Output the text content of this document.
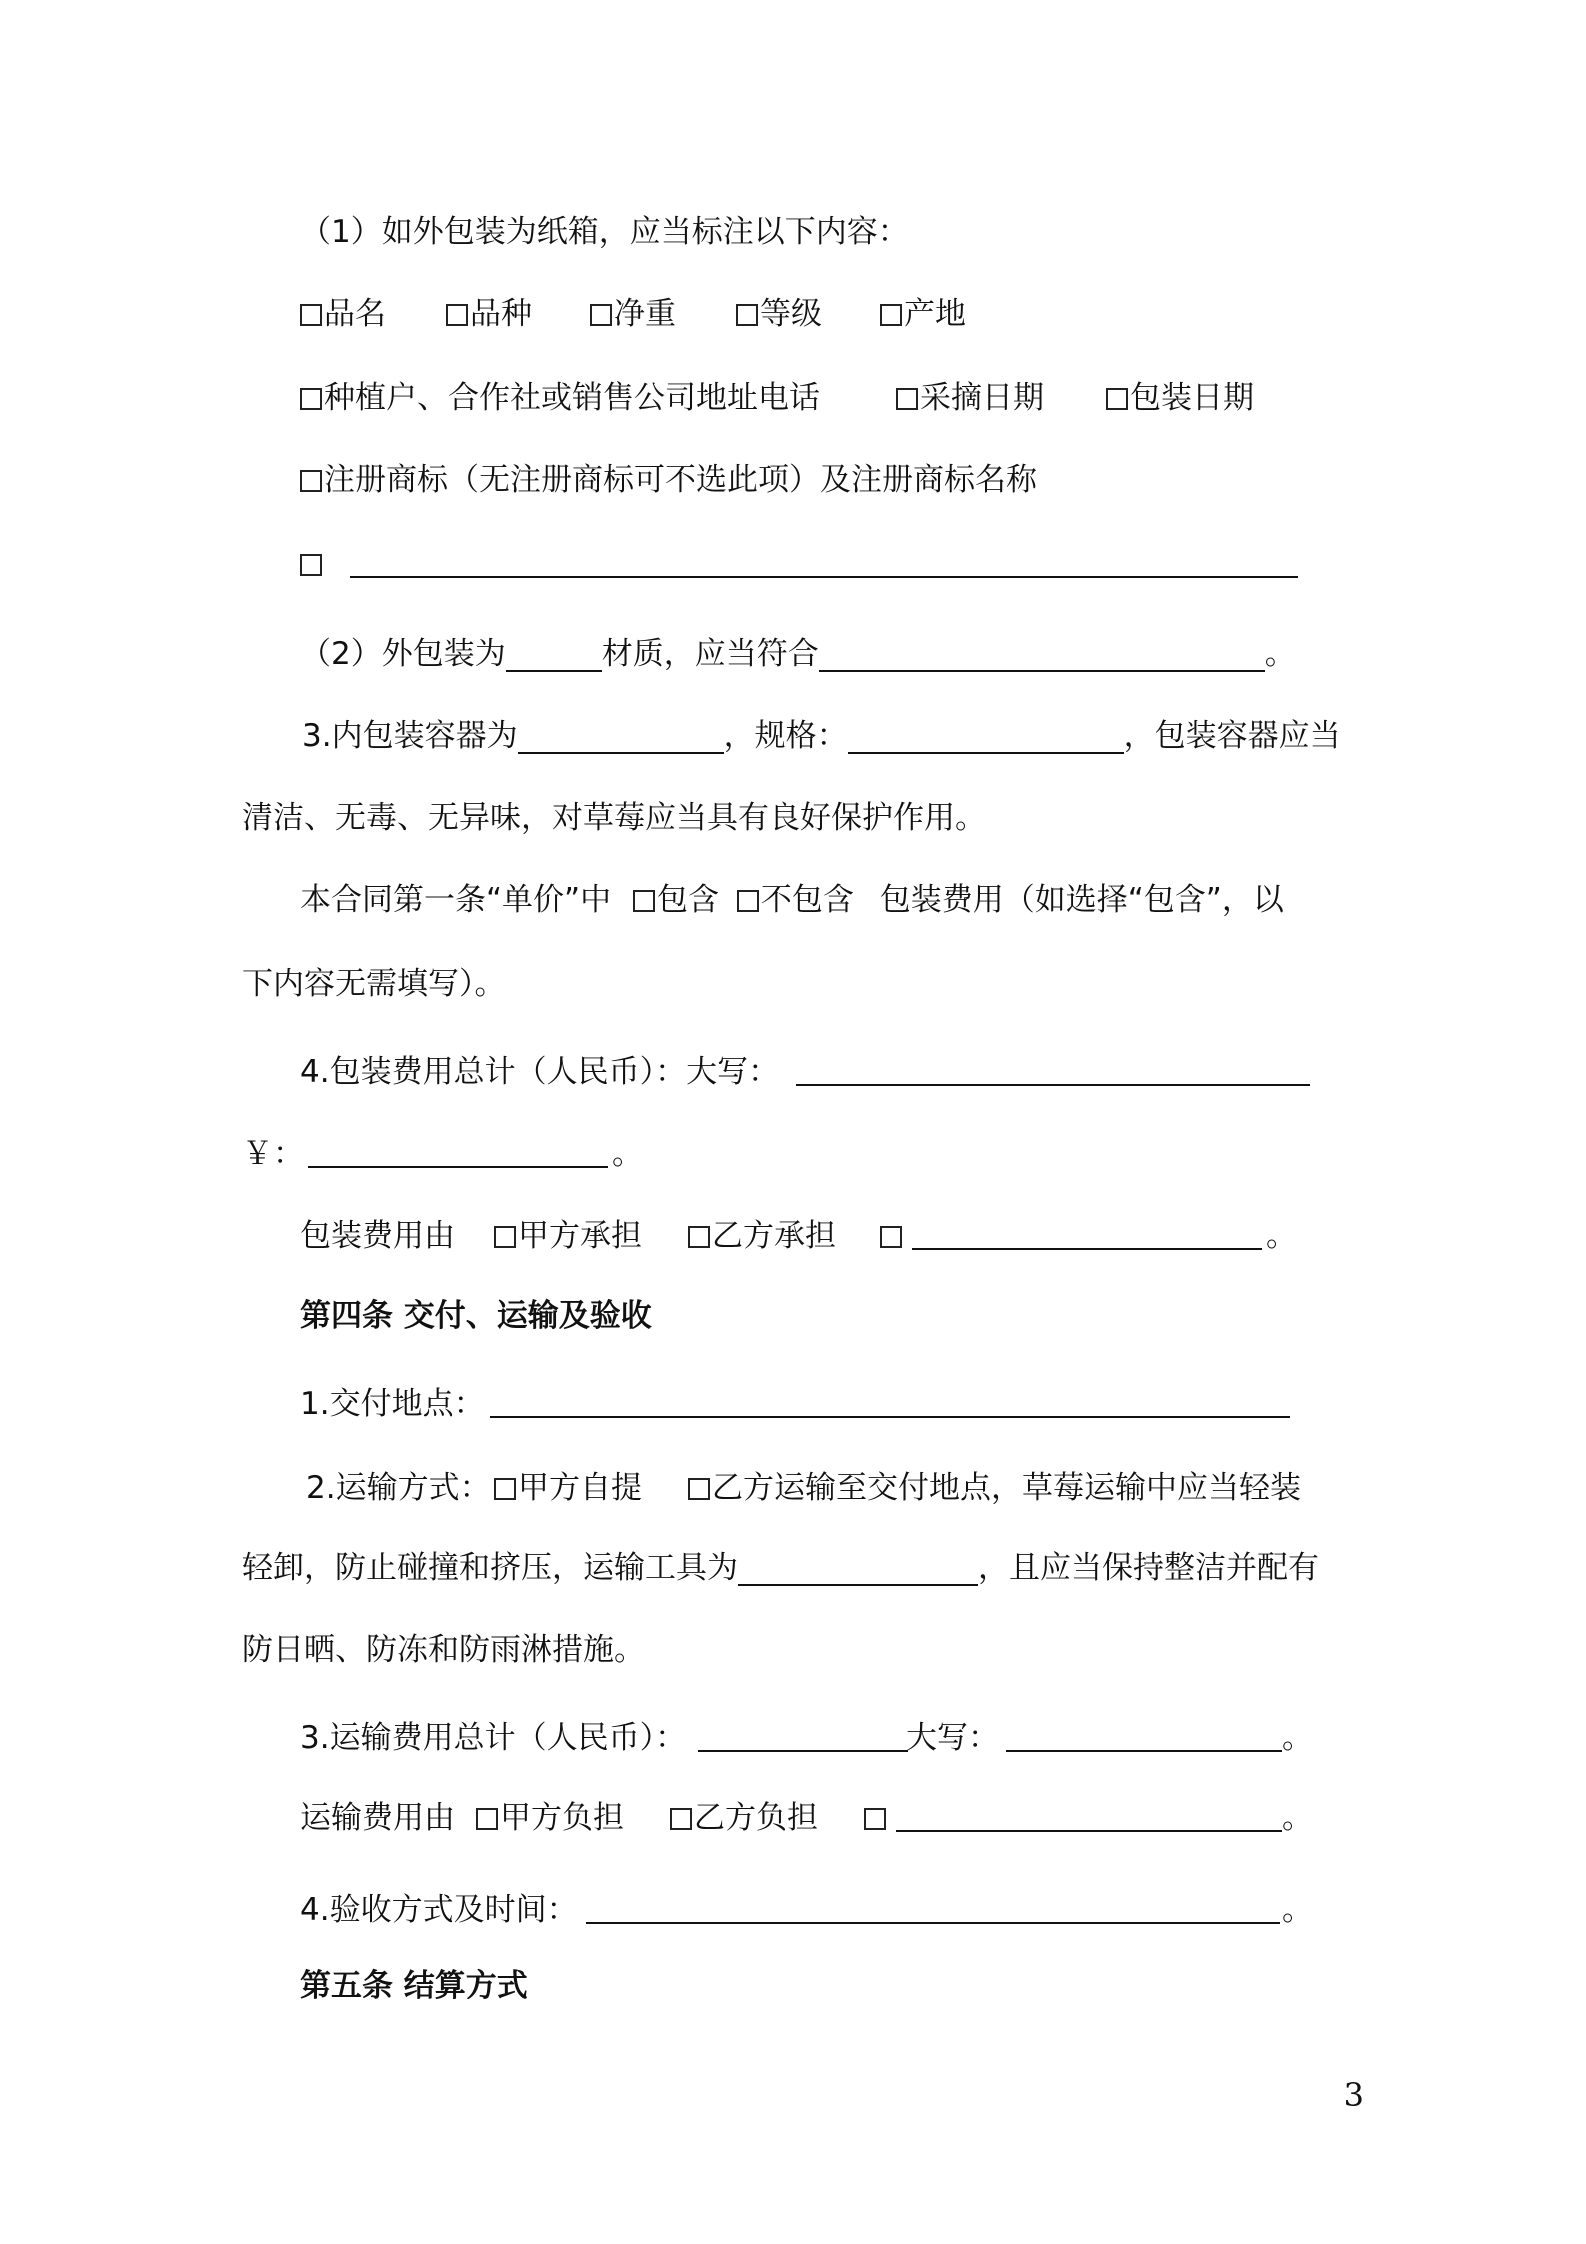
（1）如外包装为纸箱，应当标注以下内容：
品名	品种	净重	等级	产地
种植户、合作社或销售公司地址电话	采摘日期	包装日期
注册商标（无注册商标可不选此项）及注册商标名称
（2）外包装为	材质，应当符合	。
3.内包装容器为	，规格：	，包装容器应当
清洁、无毒、无异味，对草莓应当具有良好保护作用。
本合同第一条“单价”中 包含 不包含 包装费用（如选择“包含”，以
下内容无需填写）。
4.包装费用总计（人民币）：大写：
￥：	。
包装费用由	甲方承担	乙方承担	。
第四条 交付、运输及验收
1.交付地点：
2.运输方式： 甲方自提	乙方运输至交付地点，草莓运输中应当轻装
轻卸，防止碰撞和挤压，运输工具为	，且应当保持整洁并配有
防日晒、防冻和防雨淋措施。
3.运输费用总计（人民币）：	大写：	。
运输费用由	甲方负担	乙方负担	。
4.验收方式及时间：	。
第五条 结算方式
3
